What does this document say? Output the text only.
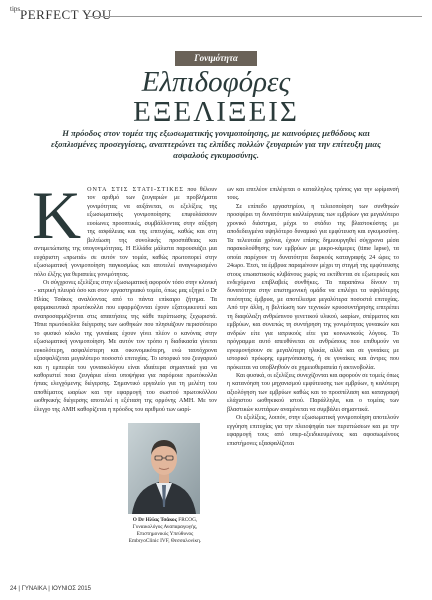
tips PERFECT YOU
Γονιμότητα
Ελπιδοφόρες
ΕΞΕΛΙΞΕΙΣ
Η πρόοδος στον τομέα της εξωσωματικής γονιμοποίησης, με καινούριες μεθόδους και εξοπλισμένες προσεγγίσεις, αναπτερώνει τις ελπίδες πολλών ζευγαριών για την επίτευξη μιας ασφαλούς εγκυμοσύνης.

ΚΟΝΤΑ ΣΤΙΣ ΣΤΑΤΙ-ΣΤΙΚΕΣ που θέλουν τον αριθμό των ζευγαριών με προβλήματα γονιμότητας να αυξάνεται, οι εξελίξεις της εξωσωματικής γονιμοποίησης επιφυλάσσουν ευοίωνες προοπτικές, συμβάλλοντας στην αύξηση της ασφάλειας και της επιτυχίας, καθώς και στη βελτίωση της συνολικής προσπάθειας και αντιμετώπισης της υπογονιμότητας. Η Ελλάδα μάλιστα παρουσιάζει μια ευχάριστη «πρωτιά» σε αυτόν τον τομέα, καθώς πρωτοπορεί στην εξωσωματική γονιμοποίηση παγκοσμίως και αποτελεί αναγνωρισμένο πόλο έλξης για θεραπείες γονιμότητας.

Οι σύγχρονες εξελίξεις στην εξωσωματική αφορούν τόσο στην κλινική - ιατρική πλευρά όσο και στον εργαστηριακό τομέα, όπως μας εξηγεί ο Dr Ηλίας Τσάκος αναλύοντας από το πάντα επίκαιρο ζήτημα. Τα φαρμακευτικά πρωτόκολλα που εφαρμόζονται έχουν εξατομικευτεί και αναπροσαρμόζονται στις απαιτήσεις της κάθε περίπτωσης ξεχωριστά. Ήπια πρωτόκολλα διέγερσης των ωοθηκών που πλησιάζουν περισσότερο το φυσικό κύκλο της γυναίκας έχουν γίνει πλέον ο κανόνας στην εξωσωματική γονιμοποίηση. Με αυτόν τον τρόπο η διαδικασία γίνεται ευκολότερη, ασφαλέστερη και οικονομικότερη, ενώ ταυτόχρονα εξασφαλίζεται μεγαλύτερο ποσοστό επιτυχίας. Το ιστορικό του ζευγαριού και η εμπειρία του γυναικολόγου είναι ιδιαίτερα σημαντικά για να καθοριστεί ποια ζευγάρια είναι υποψήφια για παρόμοια πρωτόκολλα ήπιας ελεγχόμενης διέγερσης. Σημαντικό εργαλείο για τη μελέτη του αποθέματος ωαρίων και την εφαρμογή του σωστού πρωτοκόλλου ωοθηκικής διέγερσης αποτελεί η εξέταση της ορμόνης AMH. Με τον έλεγχο της AMH καθορίζεται η πρόοδος του αριθμού των ωαρί-

ων και επιτλέον επιλέγεται ο καταλληλος τρόπος για την ωρίμανσή τους.

Σε επίπεδο εργαστηρίου, η τελειοποίηση των συνθηκών προσφέρει τη δυνατότητα καλλιέργειας των εμβρύων για μεγαλύτερο χρονικό διάστημα, μέχρι το στάδιο της βλαστοκύστης με αποδεδειγμένα υψηλότερο δυναμικό για εμφύτευση και εγκυμοσύνη. Τα τελευταία χρόνια, έχουν επίσης δημιουργηθεί σύγχρονα μέσα παρακολούθησης των εμβρύων με μικρο-κάμερες (time lapse), τα οποία παρέχουν τη δυνατότητα διαρκούς καταγραφής 24 ώρες το 24ωρο. Έτσι, τα έμβρυα παραμένουν μέχρι τη στιγμή της εμφύτευσης στους επωαστικούς κλιβάνους χωρίς να εκτίθενται σε εξωτερικές και ενδεχόμενα επιβλαβείς συνθήκες. Τα παραπάνω δίνουν τη δυνατότητα στην επιστημονική ομάδα να επιλέγει τα υψηλότερης ποιότητας έμβρυα, με αποτέλεσμα μεγαλύτερα ποσοστά επιτυχίας. Από την άλλη, η βελτίωση των τεχνικών κρυοσυντήρησης επιτρέπει τη διαφύλαξη ανθρώπινου γενετικού υλικού, ωαρίων, σπέρματος και εμβρύων, και συνεπώς τη συντήρηση της γονιμότητας γυναικών και ανδρών είτε για ιατρικούς είτε για κοινωνικούς λόγους. Το πρόγραμμα αυτό απευθύνεται σε ανθρώπους που επιθυμούν να εγκυμονήσουν σε μεγαλύτερη ηλικία, αλλά και σε γυναίκες με ιστορικό πρόωρης εμμηνόπαυσης, ή σε γυναίκες και άντρες που πρόκειται να υποβληθούν σε χημειοθεραπεία ή ακτινοβολία.

Και φυσικά, οι εξελίξεις συνεχίζονται και αφορούν σε τομείς όπως η κατανόηση του μηχανισμού εμφύτευσης των εμβρύων, η καλύτερη αξιολόγηση των εμβρύων καθώς και το προσπέλαση και καταγραφή ελάχιστου ωοθηκικού ιστού. Παράλληλα, και ο τομέας των βλαστικών κυττάρων αναμένεται να συμβάλει σημαντικά.

Οι εξελίξεις, λοιπόν, στην εξωσωματική γονιμοποίηση αποτελούν εγγύηση επιτυχίας για την πλειοψηφία των περιπτώσεων και με την εφαρμογή τους από υπερ-εξειδικευμένους και αφοσιωμένους επιστήμονες εξασφαλίζεται

Ο Dr Ηλίας Τσάκος FRCOG, Γυναικολόγος Αναπαραγωγής, Επιστημονικός Υπεύθυνος EmbryoClinic IVF, Θεσσαλονίκη.
24 | ΓΥΝΑΙΚΑ | ΙΟΥΝΙΟΣ 2015
